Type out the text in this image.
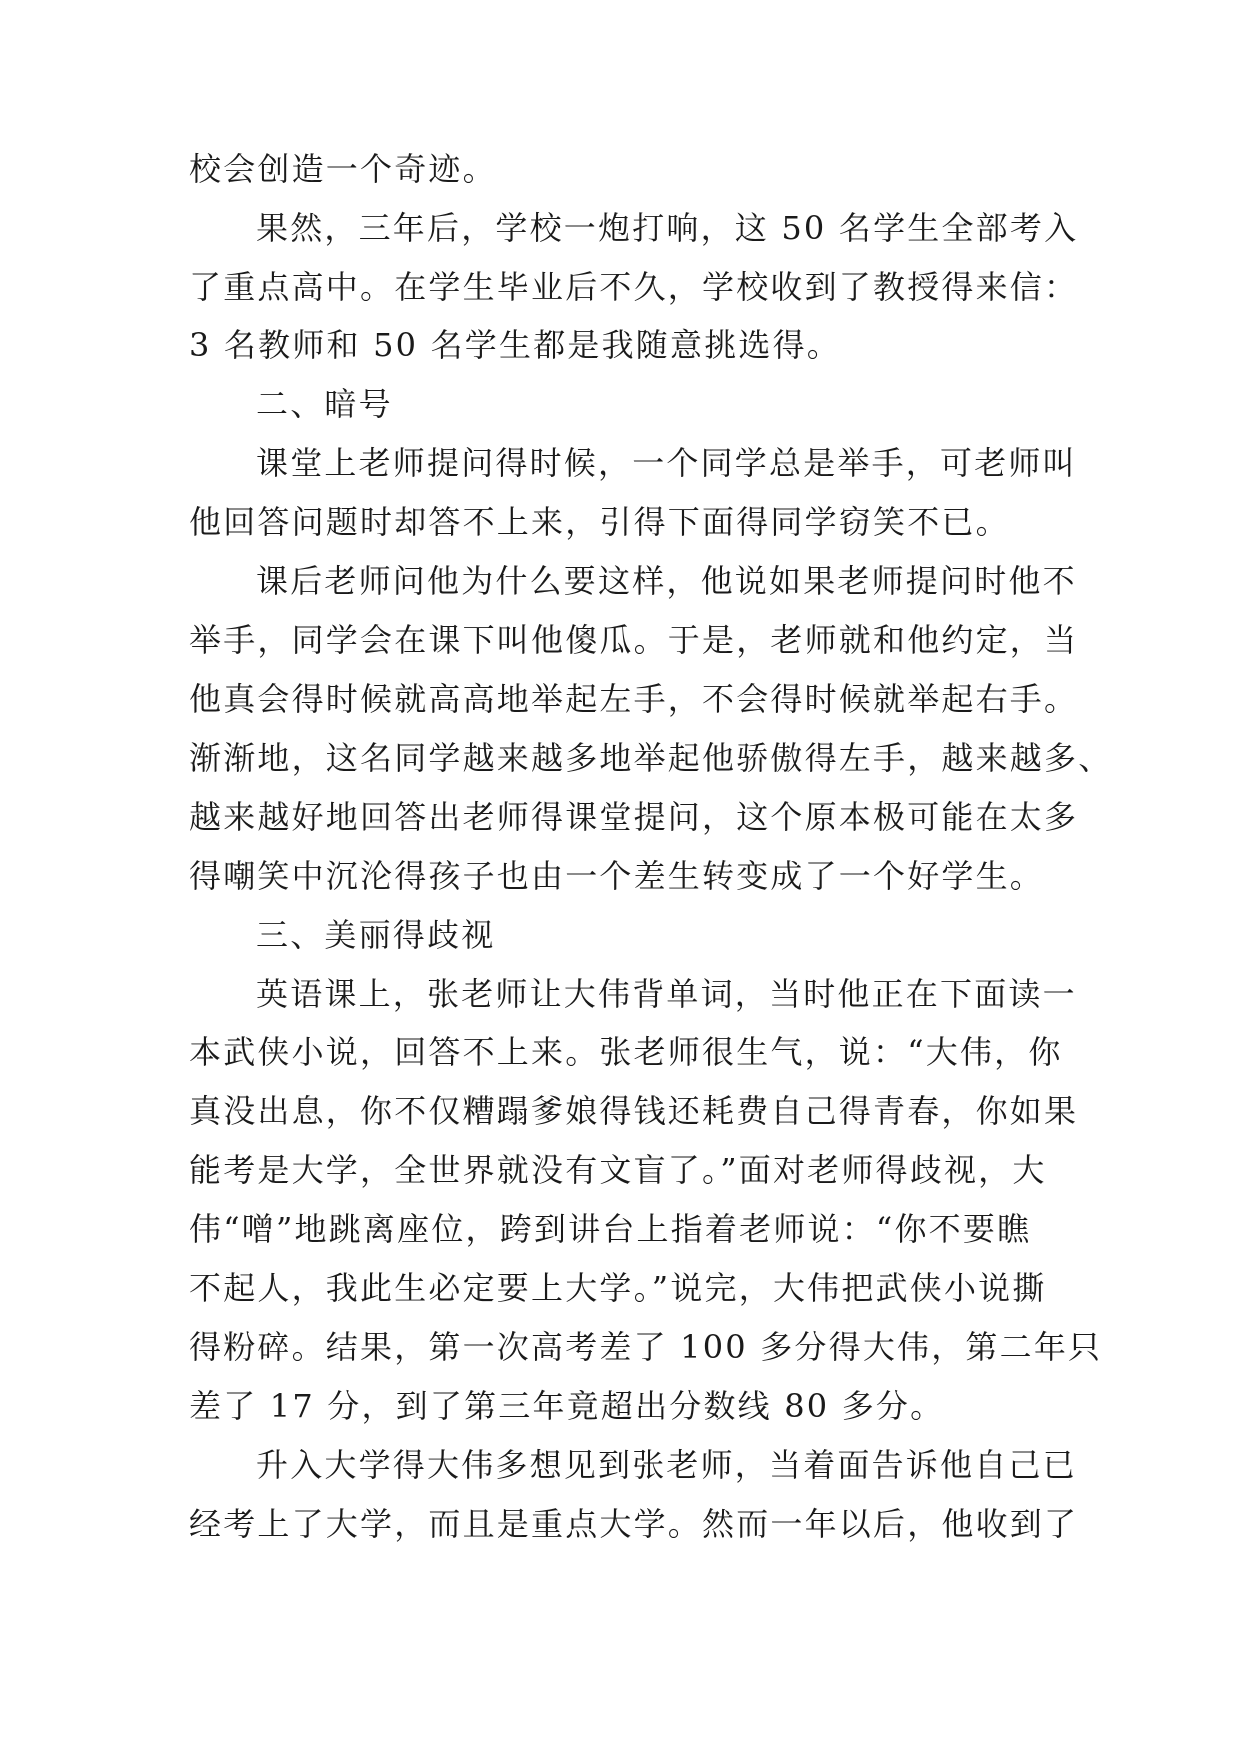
校会创造一个奇迹。
果然，三年后，学校一炮打响，这 50 名学生全部考入
了重点高中。在学生毕业后不久，学校收到了教授得来信：
3 名教师和 50 名学生都是我随意挑选得。
二、暗号
课堂上老师提问得时候，一个同学总是举手，可老师叫
他回答问题时却答不上来，引得下面得同学窃笑不已。
课后老师问他为什么要这样，他说如果老师提问时他不
举手，同学会在课下叫他傻瓜。于是，老师就和他约定，当
他真会得时候就高高地举起左手，不会得时候就举起右手。
渐渐地，这名同学越来越多地举起他骄傲得左手，越来越多、
越来越好地回答出老师得课堂提问，这个原本极可能在太多
得嘲笑中沉沦得孩子也由一个差生转变成了一个好学生。
三、美丽得歧视
英语课上，张老师让大伟背单词，当时他正在下面读一
本武侠小说，回答不上来。张老师很生气，说：“大伟，你
真没出息，你不仅糟蹋爹娘得钱还耗费自己得青春，你如果
能考是大学，全世界就没有文盲了。”面对老师得歧视，大
伟“噌”地跳离座位，跨到讲台上指着老师说：“你不要瞧
不起人，我此生必定要上大学。”说完，大伟把武侠小说撕
得粉碎。结果，第一次高考差了 100 多分得大伟，第二年只
差了 17 分，到了第三年竟超出分数线 80 多分。
升入大学得大伟多想见到张老师，当着面告诉他自己已
经考上了大学，而且是重点大学。然而一年以后，他收到了
